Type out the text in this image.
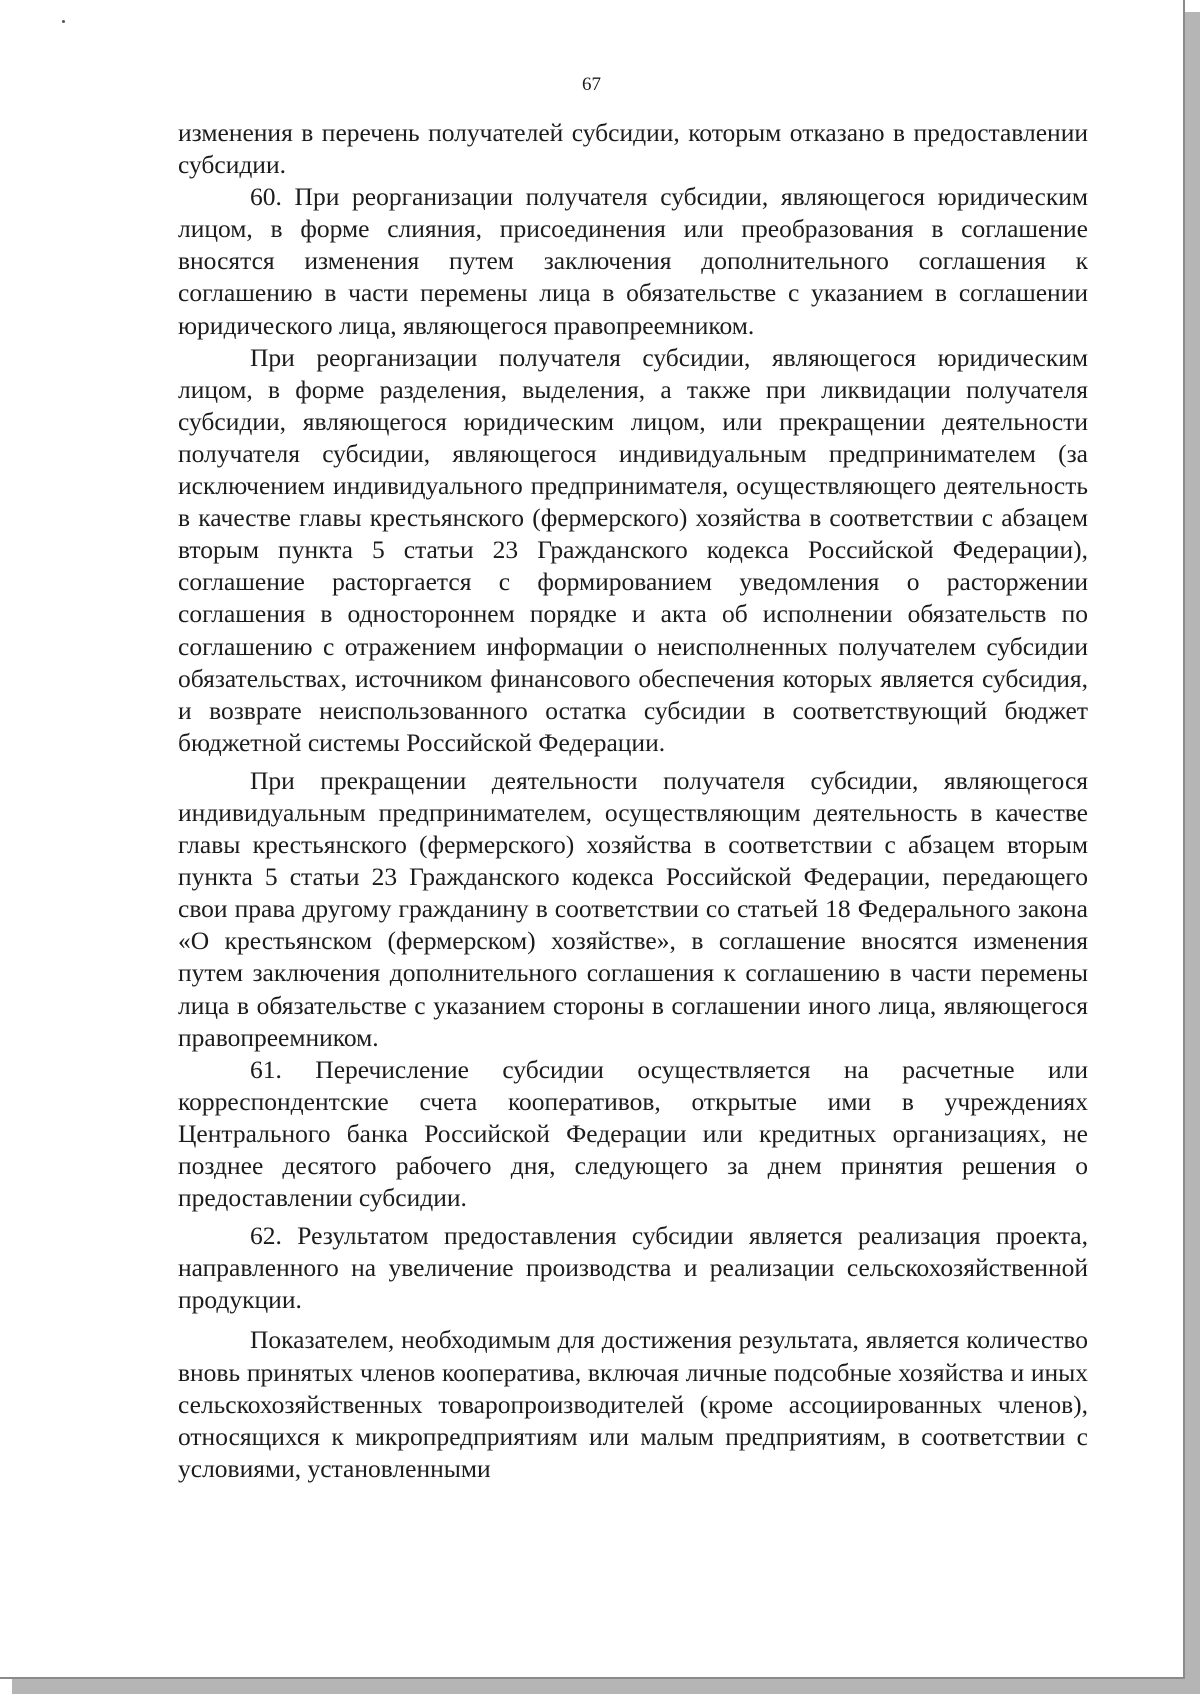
67

изменения в перечень получателей субсидии, которым отказано в предоставлении субсидии.

60. При реорганизации получателя субсидии, являющегося юридическим лицом, в форме слияния, присоединения или преобразования в соглашение вносятся изменения путем заключения дополнительного соглашения к соглашению в части перемены лица в обязательстве с указанием в соглашении юридического лица, являющегося правопреемником.

При реорганизации получателя субсидии, являющегося юридическим лицом, в форме разделения, выделения, а также при ликвидации получателя субсидии, являющегося юридическим лицом, или прекращении деятельности получателя субсидии, являющегося индивидуальным предпринимателем (за исключением индивидуального предпринимателя, осуществляющего деятельность в качестве главы крестьянского (фермерского) хозяйства в соответствии с абзацем вторым пункта 5 статьи 23 Гражданского кодекса Российской Федерации), соглашение расторгается с формированием уведомления о расторжении соглашения в одностороннем порядке и акта об исполнении обязательств по соглашению с отражением информации о неисполненных получателем субсидии обязательствах, источником финансового обеспечения которых является субсидия, и возврате неиспользованного остатка субсидии в соответствующий бюджет бюджетной системы Российской Федерации.

При прекращении деятельности получателя субсидии, являющегося индивидуальным предпринимателем, осуществляющим деятельность в качестве главы крестьянского (фермерского) хозяйства в соответствии с абзацем вторым пункта 5 статьи 23 Гражданского кодекса Российской Федерации, передающего свои права другому гражданину в соответствии со статьей 18 Федерального закона «О крестьянском (фермерском) хозяйстве», в соглашение вносятся изменения путем заключения дополнительного соглашения к соглашению в части перемены лица в обязательстве с указанием стороны в соглашении иного лица, являющегося правопреемником.

61. Перечисление субсидии осуществляется на расчетные или корреспондентские счета кооперативов, открытые ими в учреждениях Центрального банка Российской Федерации или кредитных организациях, не позднее десятого рабочего дня, следующего за днем принятия решения о предоставлении субсидии.

62. Результатом предоставления субсидии является реализация проекта, направленного на увеличение производства и реализации сельскохозяйственной продукции.

Показателем, необходимым для достижения результата, является количество вновь принятых членов кооператива, включая личные подсобные хозяйства и иных сельскохозяйственных товаропроизводителей (кроме ассоциированных членов), относящихся к микропредприятиям или малым предприятиям, в соответствии с условиями, установленными
